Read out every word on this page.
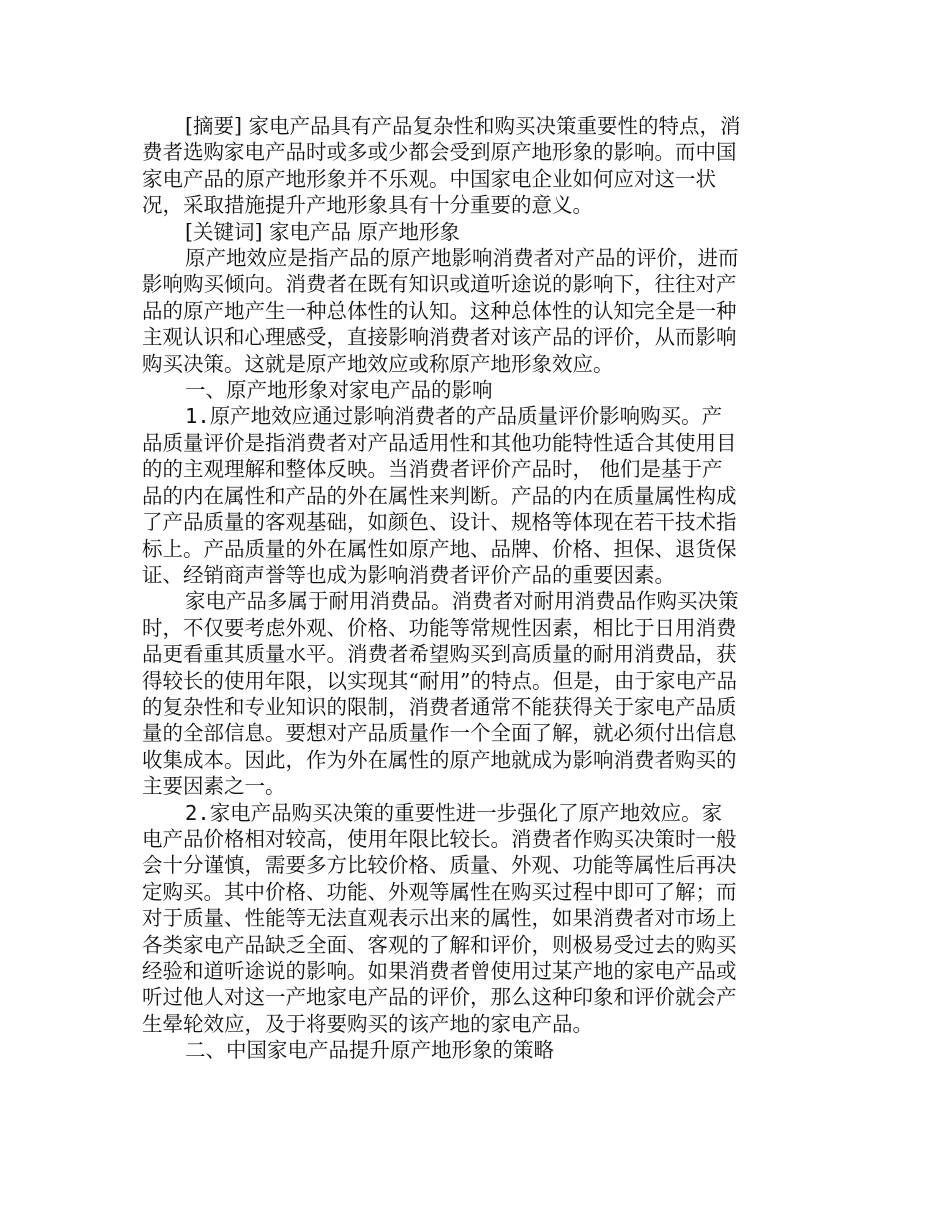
[摘要] 家电产品具有产品复杂性和购买决策重要性的特点，消费者选购家电产品时或多或少都会受到原产地形象的影响。而中国家电产品的原产地形象并不乐观。中国家电企业如何应对这一状况，采取措施提升产地形象具有十分重要的意义。

[关键词] 家电产品 原产地形象

原产地效应是指产品的原产地影响消费者对产品的评价，进而影响购买倾向。消费者在既有知识或道听途说的影响下，往往对产品的原产地产生一种总体性的认知。这种总体性的认知完全是一种主观认识和心理感受，直接影响消费者对该产品的评价，从而影响购买决策。这就是原产地效应或称原产地形象效应。

一、原产地形象对家电产品的影响

1.原产地效应通过影响消费者的产品质量评价影响购买。产品质量评价是指消费者对产品适用性和其他功能特性适合其使用目的的主观理解和整体反映。当消费者评价产品时， 他们是基于产品的内在属性和产品的外在属性来判断。产品的内在质量属性构成了产品质量的客观基础，如颜色、设计、规格等体现在若干技术指标上。产品质量的外在属性如原产地、品牌、价格、担保、退货保证、经销商声誉等也成为影响消费者评价产品的重要因素。

家电产品多属于耐用消费品。消费者对耐用消费品作购买决策时，不仅要考虑外观、价格、功能等常规性因素，相比于日用消费品更看重其质量水平。消费者希望购买到高质量的耐用消费品，获得较长的使用年限，以实现其“耐用”的特点。但是，由于家电产品的复杂性和专业知识的限制，消费者通常不能获得关于家电产品质量的全部信息。要想对产品质量作一个全面了解，就必须付出信息收集成本。因此，作为外在属性的原产地就成为影响消费者购买的主要因素之一。

2.家电产品购买决策的重要性进一步强化了原产地效应。家电产品价格相对较高，使用年限比较长。消费者作购买决策时一般会十分谨慎，需要多方比较价格、质量、外观、功能等属性后再决定购买。其中价格、功能、外观等属性在购买过程中即可了解；而对于质量、性能等无法直观表示出来的属性，如果消费者对市场上各类家电产品缺乏全面、客观的了解和评价，则极易受过去的购买经验和道听途说的影响。如果消费者曾使用过某产地的家电产品或听过他人对这一产地家电产品的评价，那么这种印象和评价就会产生晕轮效应，及于将要购买的该产地的家电产品。

二、中国家电产品提升原产地形象的策略
